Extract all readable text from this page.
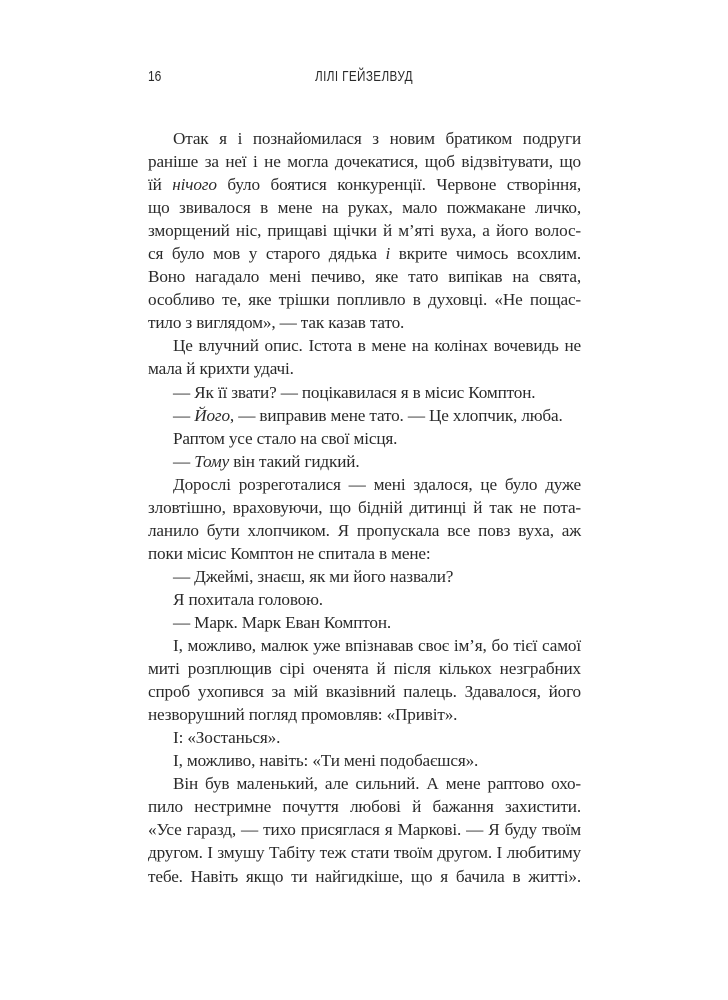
16	ЛІЛІ ГЕЙЗЕЛВУД
Отак я і познайомилася з новим братиком подруги
раніше за неї і не могла дочекатися, щоб відзвітувати, що
їй нічого було боятися конкуренції. Червоне створіння,
що звивалося в мене на руках, мало пожмакане личко,
зморщений ніс, прищаві щічки й м’яті вуха, а його волос-
ся було мов у старого дядька і вкрите чимось всохлим.
Воно нагадало мені печиво, яке тато випікав на свята,
особливо те, яке трішки попливло в духовці. «Не пощас-
тило з виглядом», — так казав тато.
Це влучний опис. Істота в мене на колінах вочевидь не
мала й крихти удачі.
— Як її звати? — поцікавилася я в місис Комптон.
— Його, — виправив мене тато. — Це хлопчик, люба.
Раптом усе стало на свої місця.
— Тому він такий гидкий.
Дорослі розреготалися — мені здалося, це було дуже
зловтішно, враховуючи, що бідній дитинці й так не пота-
ланило бути хлопчиком. Я пропускала все повз вуха, аж
поки місис Комптон не спитала в мене:
— Джеймі, знаєш, як ми його назвали?
Я похитала головою.
— Марк. Марк Еван Комптон.
І, можливо, малюк уже впізнавав своє ім’я, бо тієї самої
миті розплющив сірі оченята й після кількох незграбних
спроб ухопився за мій вказівний палець. Здавалося, його
незворушний погляд промовляв: «Привіт».
І: «Зостанься».
І, можливо, навіть: «Ти мені подобаєшся».
Він був маленький, але сильний. А мене раптово охо-
пило нестримне почуття любові й бажання захистити.
«Усе гаразд, — тихо присяглася я Маркові. — Я буду твоїм
другом. І змушу Табіту теж стати твоїм другом. І любитиму
тебе. Навіть якщо ти найгидкіше, що я бачила в житті».
